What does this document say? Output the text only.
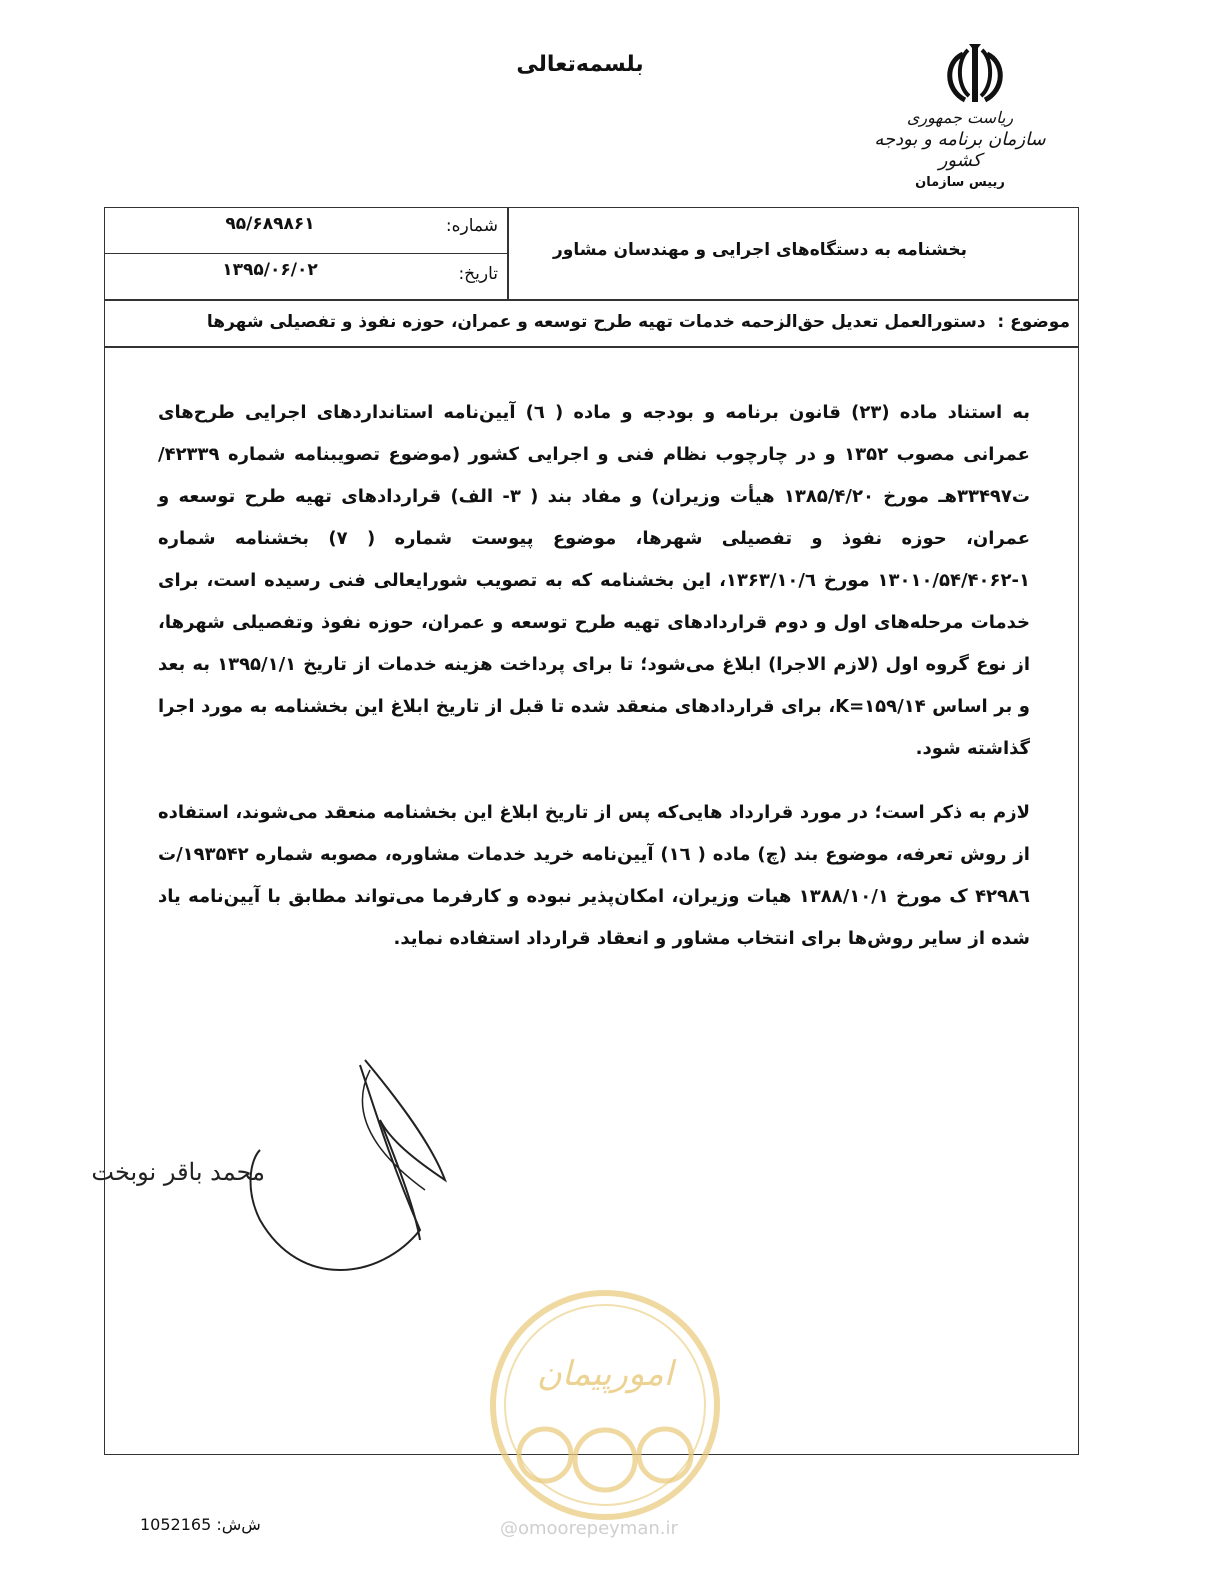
بلسمه‌تعالی
ریاست جمهوری
سازمان برنامه و بودجه کشور
رییس سازمان
شماره:
۹۵/۶۸۹۸۶۱
تاریخ:
۱۳۹۵/۰۶/۰۲
بخشنامه به دستگاه‌های اجرایی و مهندسان مشاور
موضوع :  دستورالعمل تعدیل حق‌الزحمه خدمات تهیه طرح توسعه و عمران، حوزه نفوذ و تفصیلی شهرها

به استناد ماده (۲۳) قانون برنامه و بودجه و ماده ( ٦) آیین‌نامه استانداردهای اجرایی طرح‌های عمرانی مصوب ۱۳۵۲ و در چارچوب نظام فنی و اجرایی کشور (موضوع تصویبنامه شماره ۴۲۳۳۹/ت۳۳۴۹۷هـ مورخ ۱۳۸۵/۴/۲۰ هیأت وزیران) و مفاد بند ( ۳- الف) قراردادهای تهیه طرح توسعه و عمران، حوزه نفوذ و تفصیلی شهرها، موضوع پیوست شماره ( ۷) بخشنامه شماره ۱-۱۳۰۱۰/۵۴/۴۰۶۲ مورخ ۱۳۶۳/۱۰/٦، این بخشنامه که به تصویب شورایعالی فنی رسیده است، برای خدمات مرحله‌های اول و دوم قراردادهای تهیه طرح توسعه و عمران، حوزه نفوذ وتفصیلی شهرها، از نوع گروه اول (لازم الاجرا) ابلاغ می‌شود؛ تا برای پرداخت هزینه خدمات از تاریخ ۱۳۹۵/۱/۱ به بعد و بر اساس K=۱۵۹/۱۴، برای قراردادهای منعقد شده تا قبل از تاریخ ابلاغ این بخشنامه به مورد اجرا گذاشته شود.

لازم به ذکر است؛ در مورد قرارداد هایی‌که پس از تاریخ ابلاغ این بخشنامه منعقد می‌شوند، استفاده از روش تعرفه، موضوع بند (چ) ماده ( ۱٦) آیین‌نامه خرید خدمات مشاوره، مصوبه شماره ۱۹۳۵۴۲/ت ۴۲۹۸٦ ک مورخ ۱۳۸۸/۱۰/۱ هیات وزیران، امکان‌پذیر نبوده و کارفرما می‌تواند مطابق با آیین‌نامه یاد شده از سایر روش‌ها برای انتخاب مشاور و انعقاد قرارداد استفاده نماید.

محمد باقر نوبخت
امورپیمان
ش‌ش: 1052165	@omoorepeyman.ir
